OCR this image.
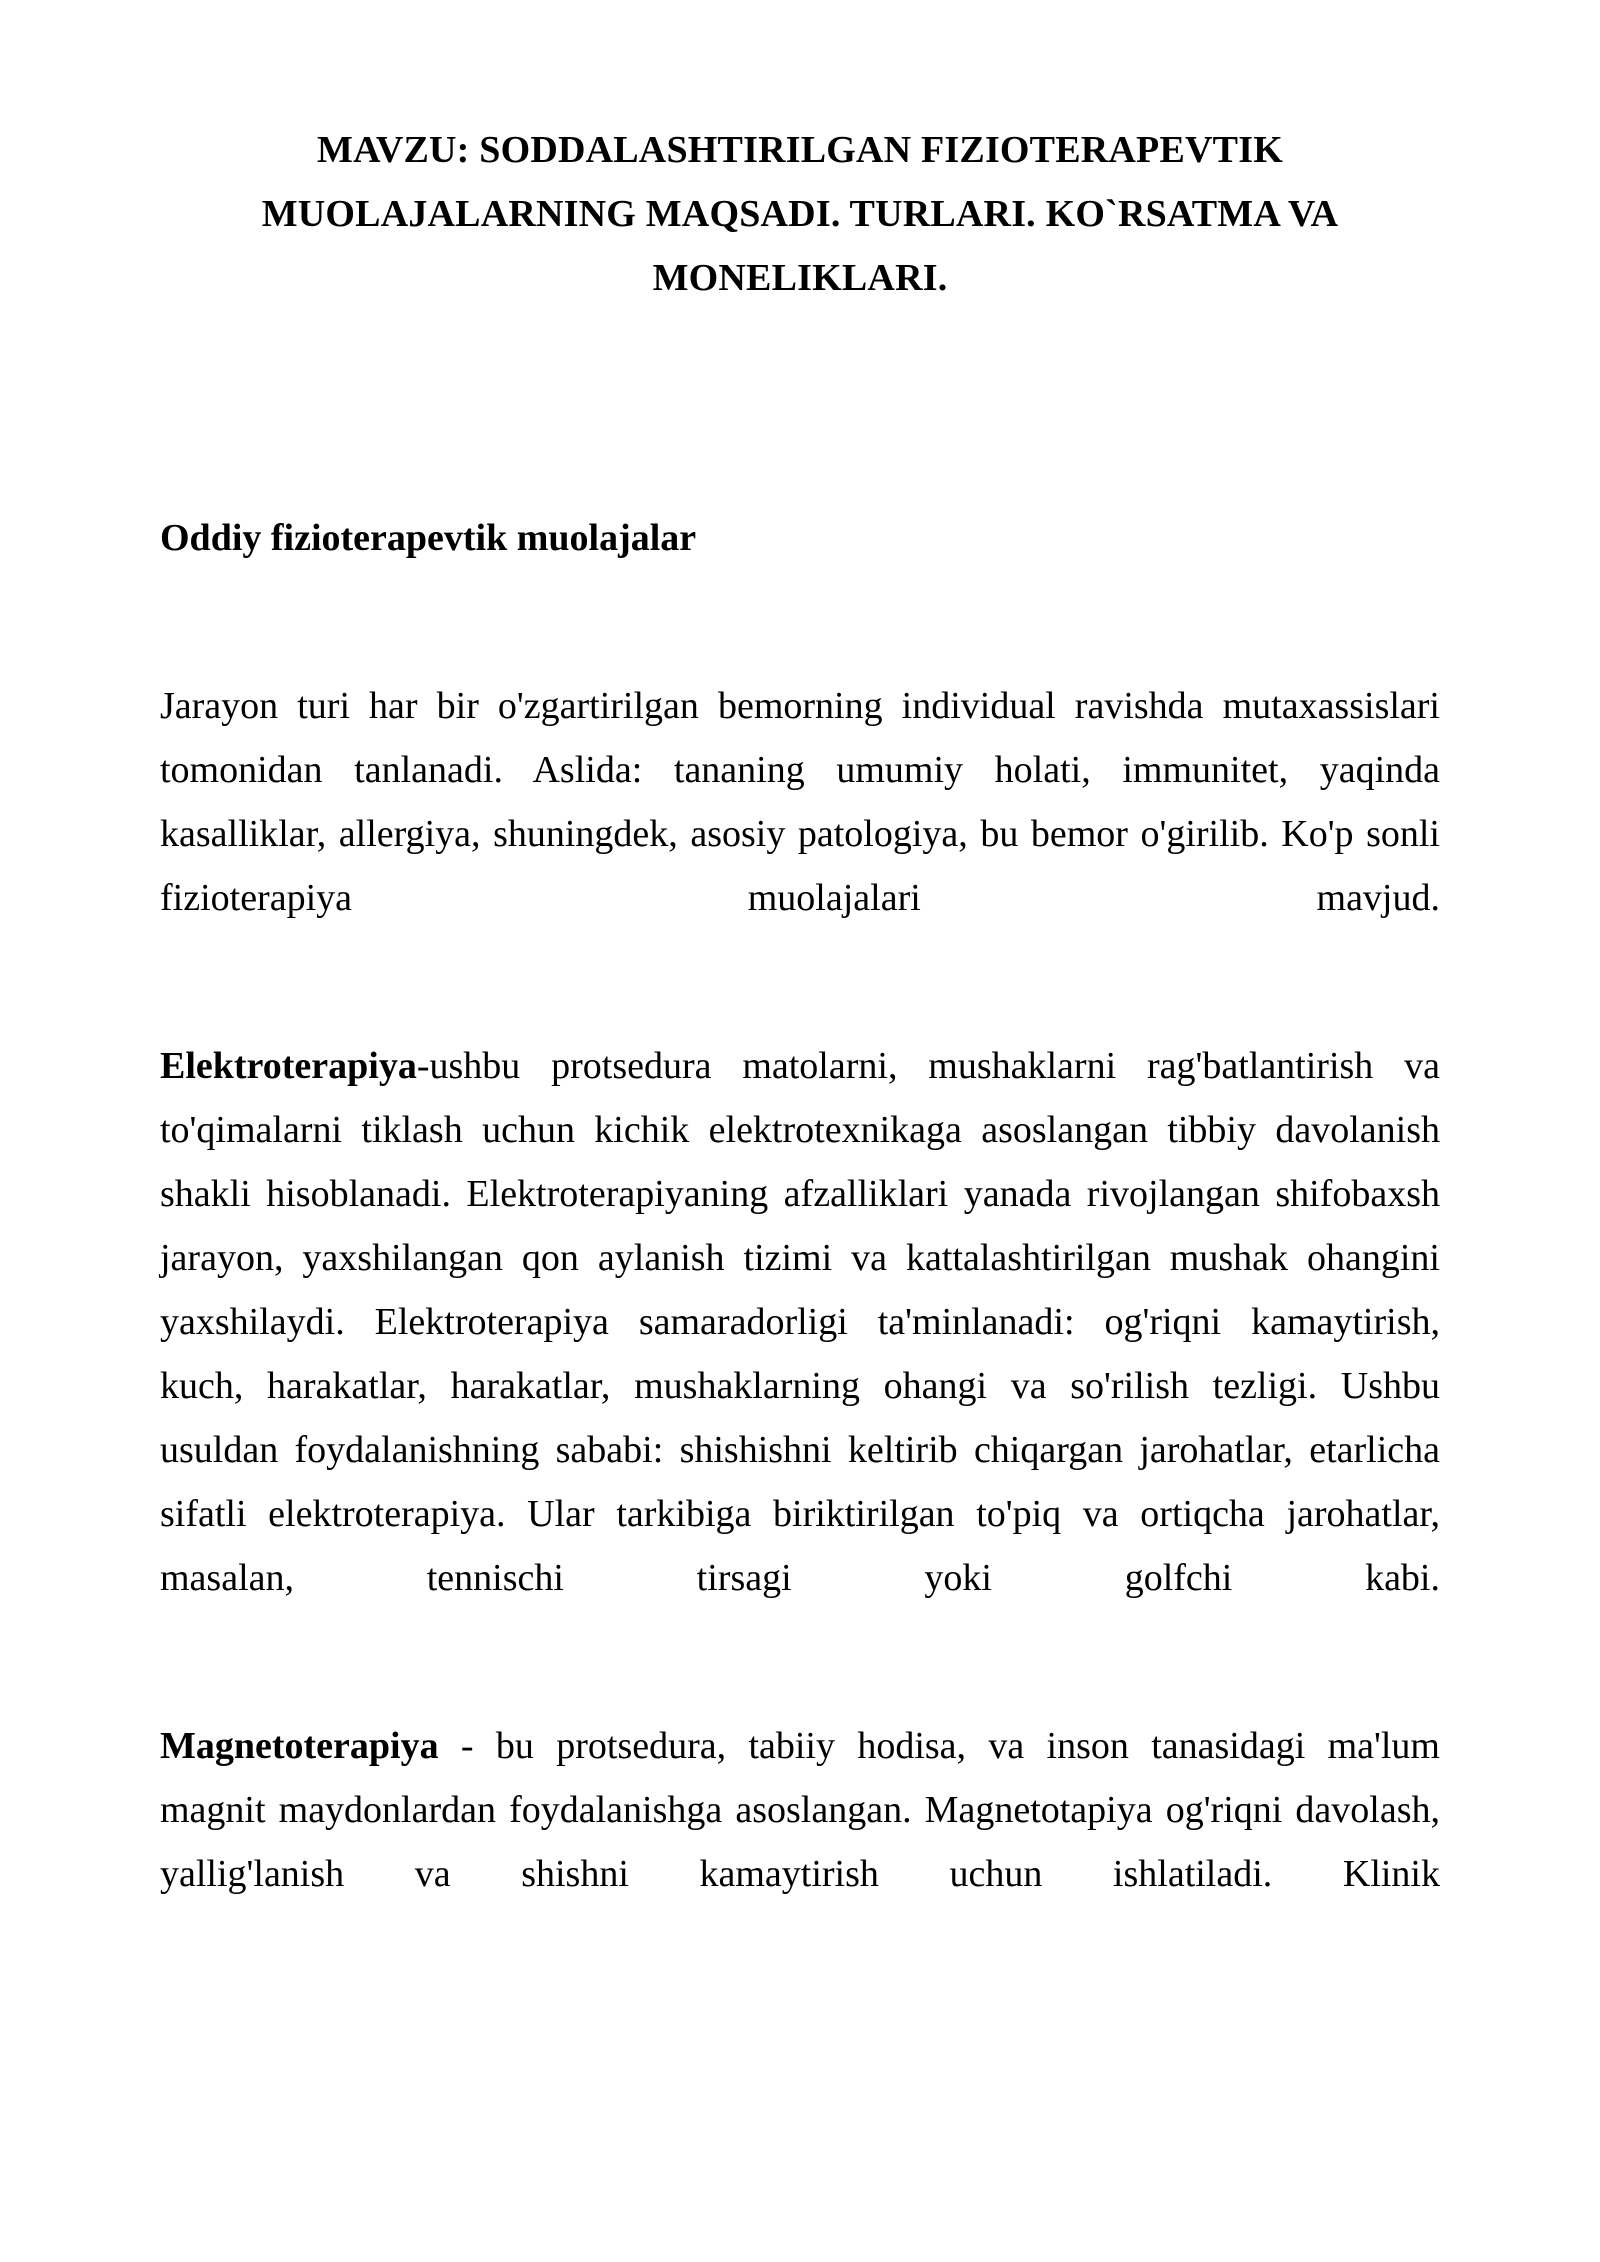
MAVZU: SODDALASHTIRILGAN FIZIOTERAPEVTIK
MUOLAJALARNING MAQSADI. TURLARI. KO`RSATMA VA
MONELIKLARI.
Oddiy fizioterapevtik muolajalar

Jarayon turi har bir o'zgartirilgan bemorning individual ravishda mutaxassislari tomonidan tanlanadi. Aslida: tananing umumiy holati, immunitet, yaqinda kasalliklar, allergiya, shuningdek, asosiy patologiya, bu bemor o'girilib. Ko'p sonli fizioterapiya muolajalari mavjud.

Elektroterapiya-ushbu protsedura matolarni, mushaklarni rag'batlantirish va to'qimalarni tiklash uchun kichik elektrotexnikaga asoslangan tibbiy davolanish shakli hisoblanadi. Elektroterapiyaning afzalliklari yanada rivojlangan shifobaxsh jarayon, yaxshilangan qon aylanish tizimi va kattalashtirilgan mushak ohangini yaxshilaydi. Elektroterapiya samaradorligi ta'minlanadi: og'riqni kamaytirish, kuch, harakatlar, harakatlar, mushaklarning ohangi va so'rilish tezligi. Ushbu usuldan foydalanishning sababi: shishishni keltirib chiqargan jarohatlar, etarlicha sifatli elektroterapiya. Ular tarkibiga biriktirilgan to'piq va ortiqcha jarohatlar, masalan, tennischi tirsagi yoki golfchi kabi.

Magnetoterapiya - bu protsedura, tabiiy hodisa, va inson tanasidagi ma'lum magnit maydonlardan foydalanishga asoslangan. Magnetotapiya og'riqni davolash, yallig'lanish va shishni kamaytirish uchun ishlatiladi. Klinik
